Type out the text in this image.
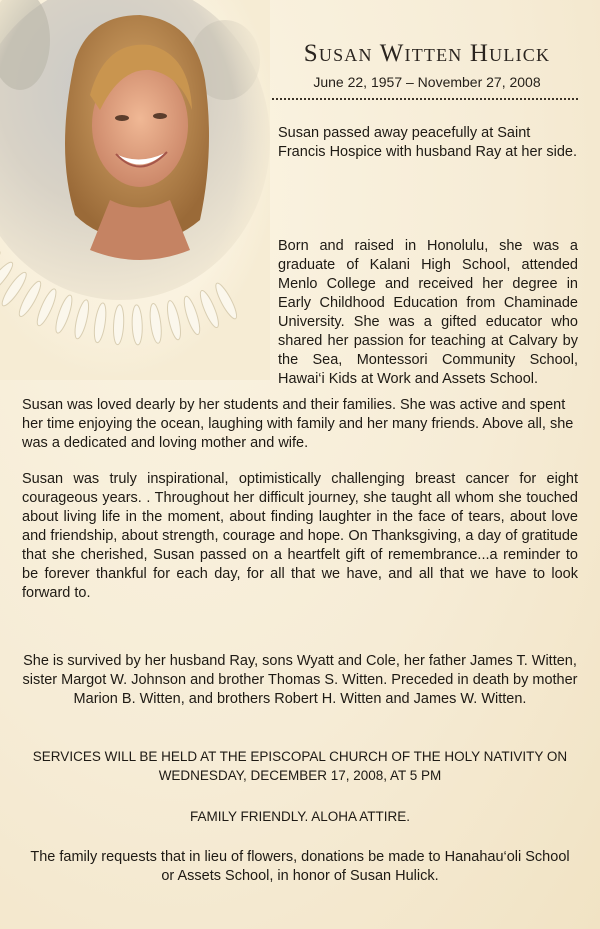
Susan Witten Hulick
June 22, 1957 – November 27, 2008
Susan passed away peacefully at Saint Francis Hospice with husband Ray at her side.
Born and raised in Honolulu, she was a graduate of Kalani High School, attended Menlo College and received her degree in Early Childhood Education from Chaminade University. She was a gifted educator who shared her passion for teaching at Calvary by the Sea, Montessori Community School, Hawai‘i Kids at Work and Assets School.
Susan was loved dearly by her students and their families. She was active and spent her time enjoying the ocean, laughing with family and her many friends. Above all, she was a dedicated and loving mother and wife.
Susan was truly inspirational, optimistically challenging breast cancer for eight courageous years. . Throughout her difficult journey, she taught all whom she touched about living life in the moment, about finding laughter in the face of tears, about love and friendship, about strength, courage and hope. On Thanksgiving, a day of gratitude that she cherished, Susan passed on a heartfelt gift of remembrance...a reminder to be forever thankful for each day, for all that we have, and all that we have to look forward to.
She is survived by her husband Ray, sons Wyatt and Cole, her father James T. Witten, sister Margot W. Johnson and brother Thomas S. Witten. Preceded in death by mother Marion B. Witten, and brothers Robert H. Witten and James W. Witten.
SERVICES WILL BE HELD AT THE EPISCOPAL CHURCH OF THE HOLY NATIVITY ON WEDNESDAY, DECEMBER 17, 2008, AT 5 PM
FAMILY FRIENDLY. ALOHA ATTIRE.
The family requests that in lieu of flowers, donations be made to Hanahau‘oli School or Assets School, in honor of Susan Hulick.
